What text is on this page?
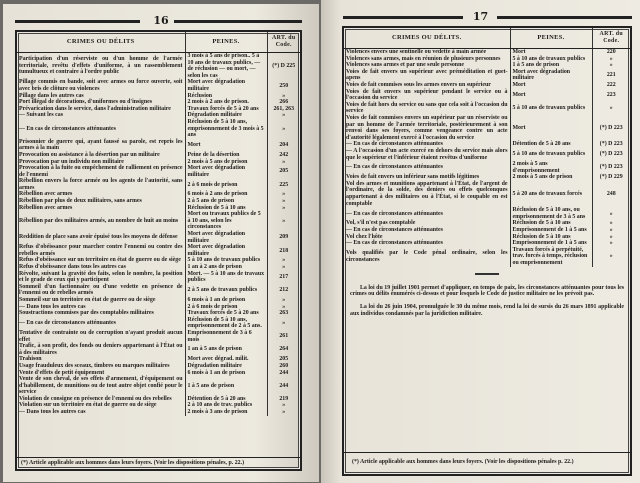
16
CRIMES OU DÉLITS	PEINES.	ART. du Code.
Participation d'un réserviste ou d'un homme de l'armée territoriale, revêtu d'effets d'uniforme, à un rassemblement tumultueux et contraire à l'ordre public	3 mois à 5 ans de prison.. 5 à 10 ans de travaux publics, — de réclusion — ou mort, — selon les cas	(*) D 225
Pillage commis en bande, soit avec armes ou force ouverte, soit avec bris de clôture ou violences	Mort avec dégradation militaire	250
Pillage dans les autres cas	Réclusion	»
Port illégal de décorations, d'uniformes ou d'insignes	2 mois à 2 ans de prison.	266
Prévarication dans le service, dans l'administration militaire	Travaux forcés de 5 à 20 ans	261, 263
— Suivant les cas	Dégradation militaire	»
— En cas de circonstances atténuantes	Réclusion de 5 à 10 ans, emprisonnement de 3 mois à 5 ans	»
Prisonnier de guerre qui, ayant faussé sa parole, est repris les armes à la main	Mort	204
Provocation ou assistance à la désertion par un militaire	Peine de la désertion	242
Provocation par un individu non militaire	2 mois à 5 ans de prison	»
Provocation à la fuite ou empêchement de ralliement en présence de l'ennemi	Mort avec dégradation militaire	205
Rébellion envers la force armée ou les agents de l'autorité, sans armes	2 à 6 mois de prison	225
Rébellion avec armes	6 mois à 2 ans de prison	»
Rébellion par plus de deux militaires, sans armes	2 à 5 ans de prison	»
Rébellion avec armes	Réclusion de 5 à 10 ans	»
Rébellion par des militaires armés, au nombre de huit au moins	Mort ou travaux publics de 5 à 10 ans, selon les circonstances	»
Reddition de place sans avoir épuisé tous les moyens de défense	Mort avec dégradation militaire	209
Refus d'obéissance pour marcher contre l'ennemi ou contre des rebelles armés	Mort avec dégradation militaire	218
Refus d'obéissance sur un territoire en état de guerre ou de siège	5 à 10 ans de travaux publics	»
Refus d'obéissance dans tous les autres cas	1 an à 2 ans de prison	»
Révolte, suivant la gravité des faits, selon le nombre, la position et le grade de ceux qui y participent	Mort. — 5 à 10 ans de travaux publics	217
Sommeil d'un factionnaire ou d'une vedette en présence de l'ennemi ou de rebelles armés	2 à 5 ans de travaux publics	212
Sommeil sur un territoire en état de guerre ou de siège	6 mois à 1 an de prison	»
— Dans tous les autres cas	2 à 6 mois de prison	»
Soustractions commises par des comptables militaires	Travaux forcés de 5 à 20 ans	263
— En cas de circonstances atténuantes	Réclusion de 5 à 10 ans, emprisonnement de 2 à 5 ans.	»
Tentative de contrainte ou de corruption n'ayant produit aucun effet	Emprisonnement de 3 à 6 mois	261
Trafic, à son profit, des fonds ou deniers appartenant à l'État ou à des militaires	1 an à 5 ans de prison	264
Trahison	Mort avec dégrad. milit.	205
Usage frauduleux des sceaux, timbres ou marques militaires	Dégradation militaire	260
Vente d'effets de petit équipement	6 mois à 1 an de prison	244
Vente de son cheval, de ses effets d'armement, d'équipement ou d'habillement, de munitions ou de tout autre objet confié pour le service	1 à 5 ans de prison	244
Violation de consigne en présence de l'ennemi ou des rebelles	Détention de 5 à 20 ans	219
Violation sur un territoire en état de guerre ou de siège	2 à 10 ans de trav. publics	»
— Dans tous les autres cas	2 mois à 3 ans de prison	»
(*) Article applicable aux hommes dans leurs foyers. (Voir les dispositions pénales, p. 22.)
17
CRIMES OU DÉLITS.	PEINES.	ART. du Code.
Violences envers une sentinelle ou vedette à main armée	Mort	220
Violences sans armes, mais en réunion de plusieurs personnes	5 à 10 ans de travaux publics	»
Violences sans armes et par une seule personne	1 à 5 ans de prison	»
Voies de fait envers un supérieur avec préméditation et guet-apens	Mort avec dégradation militaire	221
Voies de fait commises sous les armes envers un supérieur	Mort	222
Voies de fait envers un supérieur pendant le service ou à l'occasion du service	Mort	223
Voies de fait hors du service ou sans que cela soit à l'occasion du service	5 à 10 ans de travaux publics	»
Voies de fait commises envers un supérieur par un réserviste ou par un homme de l'armée territoriale, postérieurement à son renvoi dans ses foyers, comme vengeance contre un acte d'autorité légalement exercé à l'occasion du service	Mort	(*) D 223
— En cas de circonstances atténuantes	Détention de 5 à 20 ans	(*) D 223
— A l'occasion d'un acte exercé en dehors du service mais alors que le supérieur et l'inférieur étaient revêtus d'uniforme	5 à 10 ans de travaux publics	(*) D 223
— En cas de circonstances atténuantes	2 mois à 5 ans d'emprisonnement	(*) D 223
Voies de fait envers un inférieur sans motifs légitimes	2 mois à 5 ans de prison	(*) D 229
Vol des armes et munitions appartenant à l'État, de l'argent de l'ordinaire, de la solde, des deniers ou effets quelconques appartenant à des militaires ou à l'État, si le coupable en est comptable	5 à 20 ans de travaux forcés	248
— En cas de circonstances atténuantes	Réclusion de 5 à 10 ans, ou emprisonnement de 3 à 5 ans	»
Vol, s'il n'est pas comptable	Réclusion de 5 à 10 ans	»
— En cas de circonstances atténuantes	Emprisonnement de 1 à 5 ans	»
Vol chez l'hôte	Réclusion de 5 à 10 ans	»
— En cas de circonstances atténuantes	Emprisonnement de 1 à 5 ans	»
Vols qualifiés par le Code pénal ordinaire, selon les circonstances	Travaux forcés à perpétuité, trav. forcés à temps, réclusion ou emprisonnement	»

La loi du 19 juillet 1901 permet d'appliquer, en temps de paix, les circonstances atténuantes pour tous les crimes ou délits énumérés ci-dessus et pour lesquels le Code de justice militaire ne les prévoit pas.

La loi du 26 juin 1904, promulguée le 30 du même mois, rend la loi de sursis du 26 mars 1891 applicable aux individus condamnés par la juridiction militaire.

(*) Article applicable aux hommes dans leurs foyers. (Voir les dispositions pénales p. 22.)
